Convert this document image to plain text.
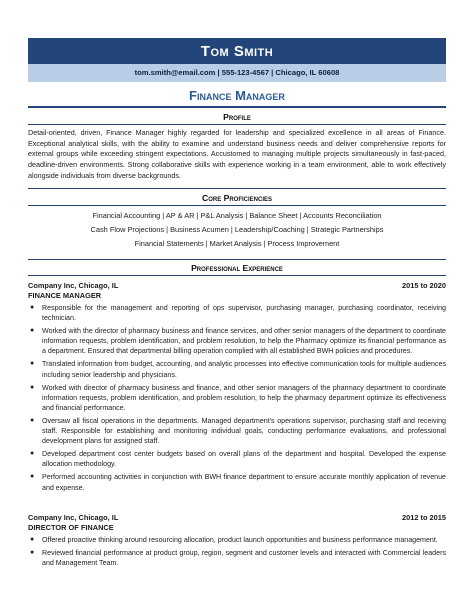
Tom Smith
tom.smith@email.com | 555-123-4567 | Chicago, IL 60608
Finance Manager
Profile
Detail-oriented, driven, Finance Manager highly regarded for leadership and specialized excellence in all areas of Finance. Exceptional analytical skills, with the ability to examine and understand business needs and deliver comprehensive reports for external groups while exceeding stringent expectations. Accustomed to managing multiple projects simultaneously in fast-paced, deadline-driven environments. Strong collaborative skills with experience working in a team environment, able to work effectively alongside individuals from diverse backgrounds.
Core Proficiencies
Financial Accounting | AP & AR | P&L Analysis | Balance Sheet | Accounts Reconciliation
Cash Flow Projections | Business Acumen | Leadership/Coaching | Strategic Partnerships
Financial Statements | Market Analysis | Process Improvement
Professional Experience
Company Inc, Chicago, IL	2015 to 2020
FINANCE MANAGER
● Responsible for the management and reporting of ops supervisor, purchasing manager, purchasing coordinator, receiving technician.
● Worked with the director of pharmacy business and finance services, and other senior managers of the department to coordinate information requests, problem identification, and problem resolution, to help the Pharmacy optimize its financial performance as a department. Ensured that departmental billing operation complied with all established BWH policies and procedures.
● Translated information from budget, accounting, and analytic processes into effective communication tools for multiple audiences including senior leadership and physicians.
● Worked with director of pharmacy business and finance, and other senior managers of the pharmacy department to coordinate information requests, problem identification, and problem resolution, to help the pharmacy department optimize its effectiveness and financial performance.
● Oversaw all fiscal operations in the departments. Managed department's operations supervisor, purchasing staff and receiving staff. Responsible for establishing and monitoring individual goals, conducting performance evaluations, and professional development plans for assigned staff.
● Developed department cost center budgets based on overall plans of the department and hospital. Developed the expense allocation methodology.
● Performed accounting activities in conjunction with BWH finance department to ensure accurate monthly application of revenue and expense.
Company Inc, Chicago, IL	2012 to 2015
DIRECTOR OF FINANCE
● Offered proactive thinking around resourcing allocation, product launch opportunities and business performance management.
● Reviewed financial performance at product group, region, segment and customer levels and interacted with Commercial leaders and Management Team.
